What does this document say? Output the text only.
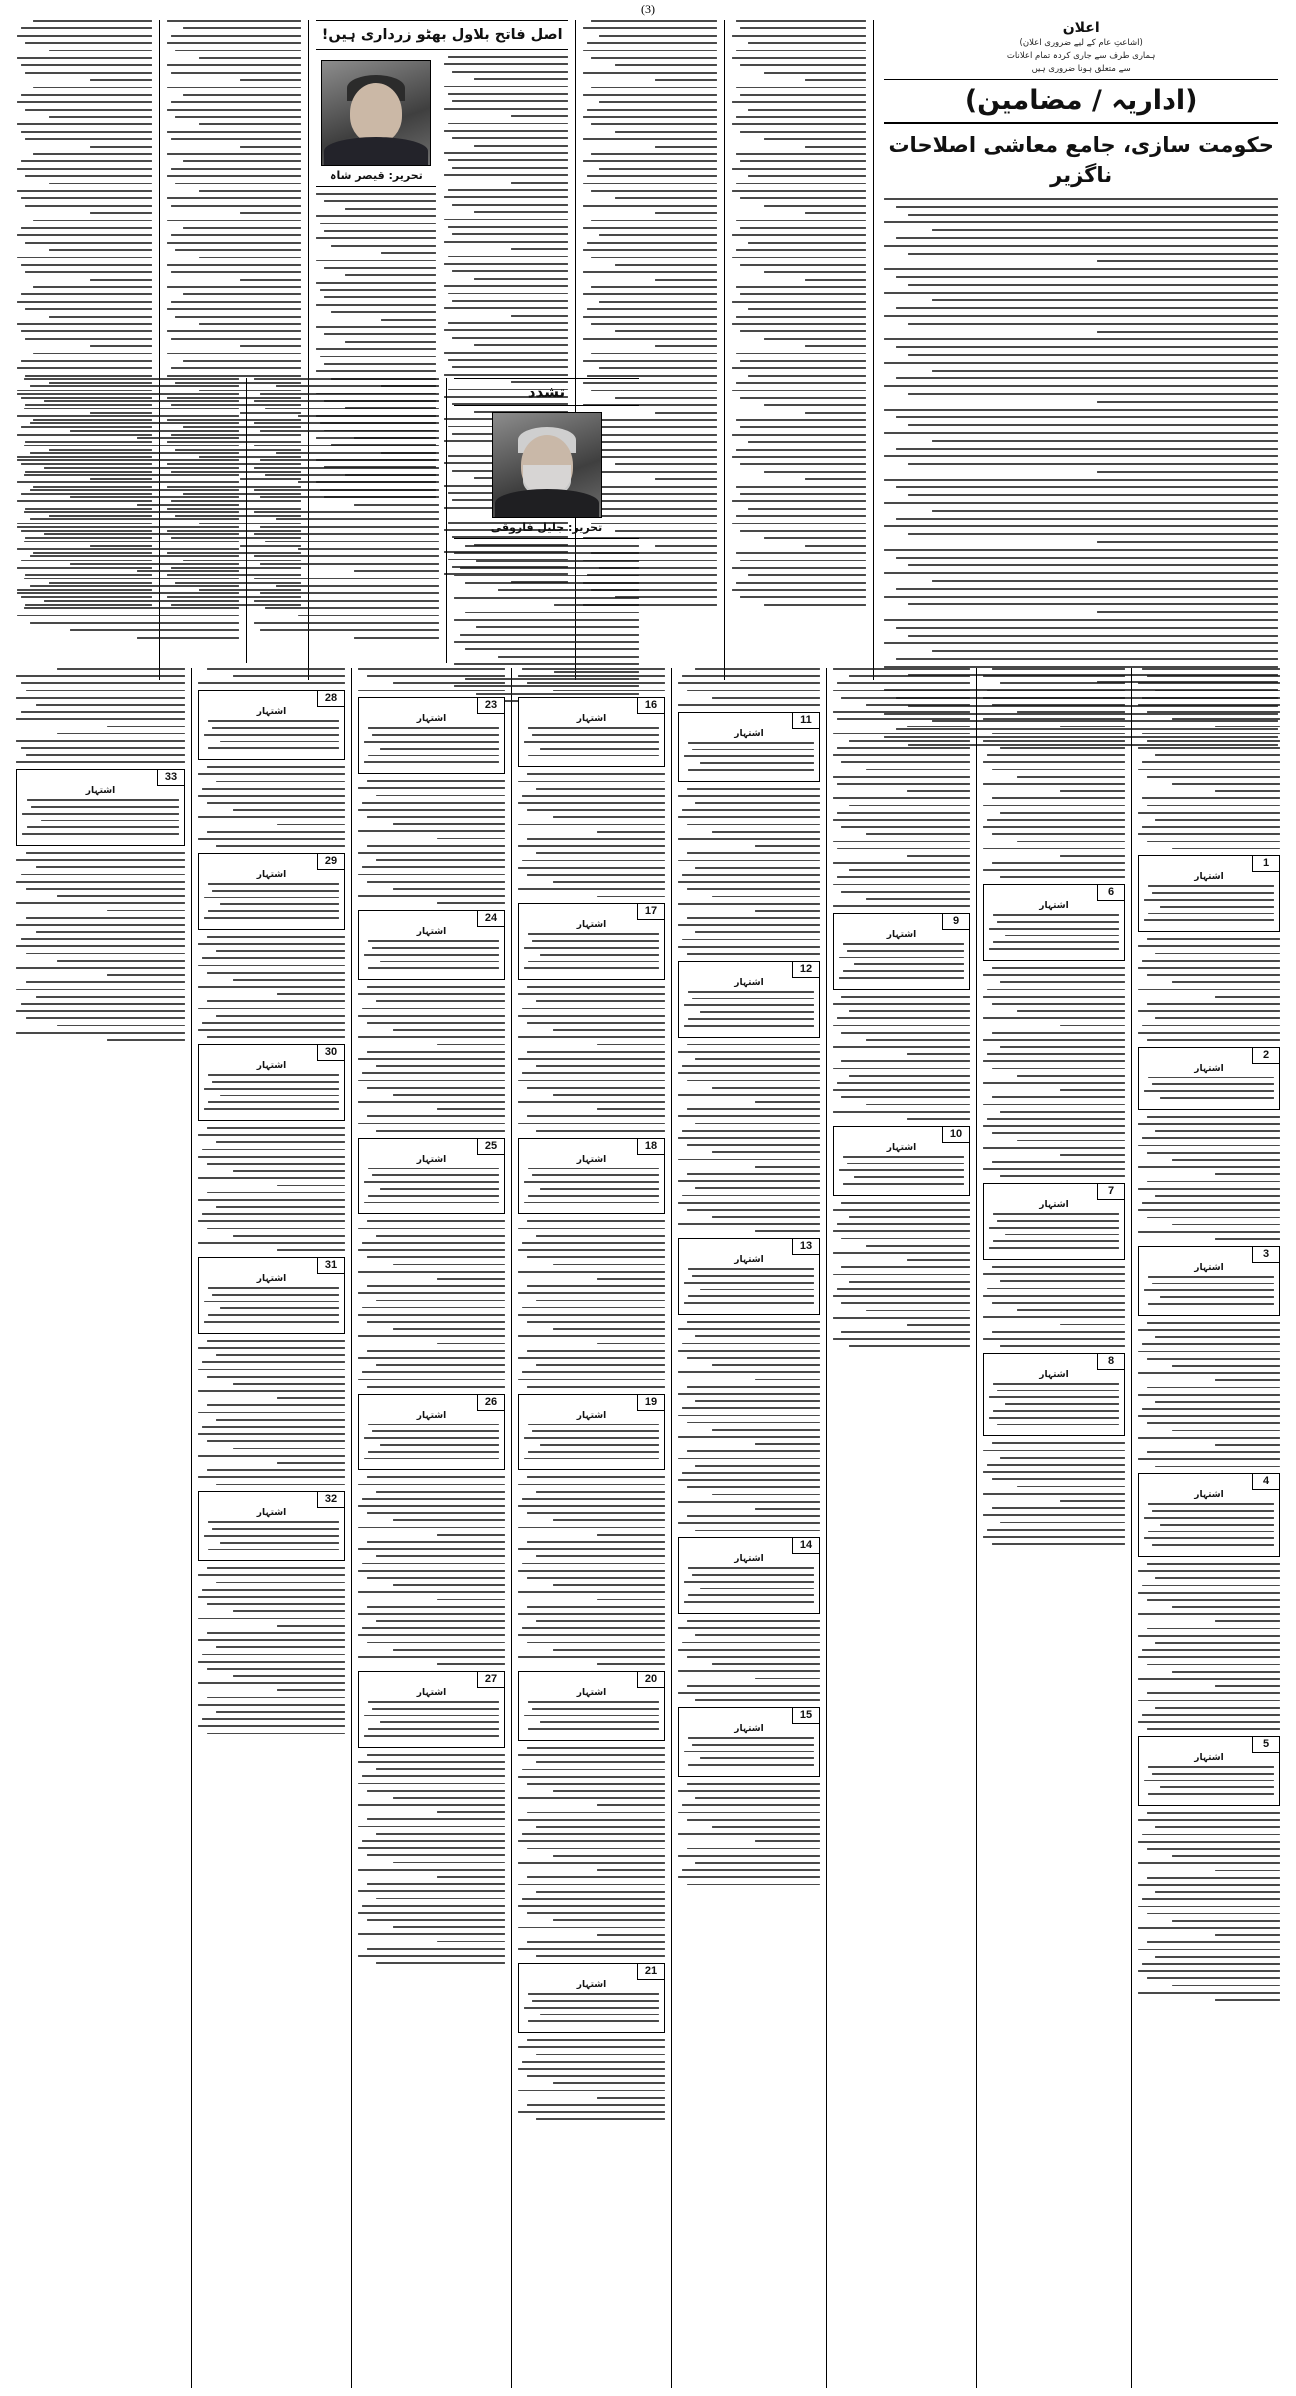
(3)
اعلان
(اشاعتِ عام کے لیے ضروری اعلان)
ہماری طرف سے جاری کردہ تمام اعلانات
سے متعلق ہونا ضروری ہیں
(اداریہ / مضامین)
حکومت سازی، جامع معاشی اصلاحات ناگزیر
اصل فاتح بلاول بھٹو زرداری ہیں!
تحریر: قیصر شاہ
تشدد
تحریر: جلیل فاروقی
1
اشتہار
2
اشتہار
3
اشتہار
4
اشتہار
5
اشتہار
6
اشتہار
7
اشتہار
8
اشتہار
9
اشتہار
10
اشتہار
11
اشتہار
12
اشتہار
13
اشتہار
14
اشتہار
15
اشتہار
16
اشتہار
17
اشتہار
18
اشتہار
19
اشتہار
20
اشتہار
21
اشتہار
23
اشتہار
24
اشتہار
25
اشتہار
26
اشتہار
27
اشتہار
28
اشتہار
29
اشتہار
30
اشتہار
31
اشتہار
32
اشتہار
33
اشتہار
